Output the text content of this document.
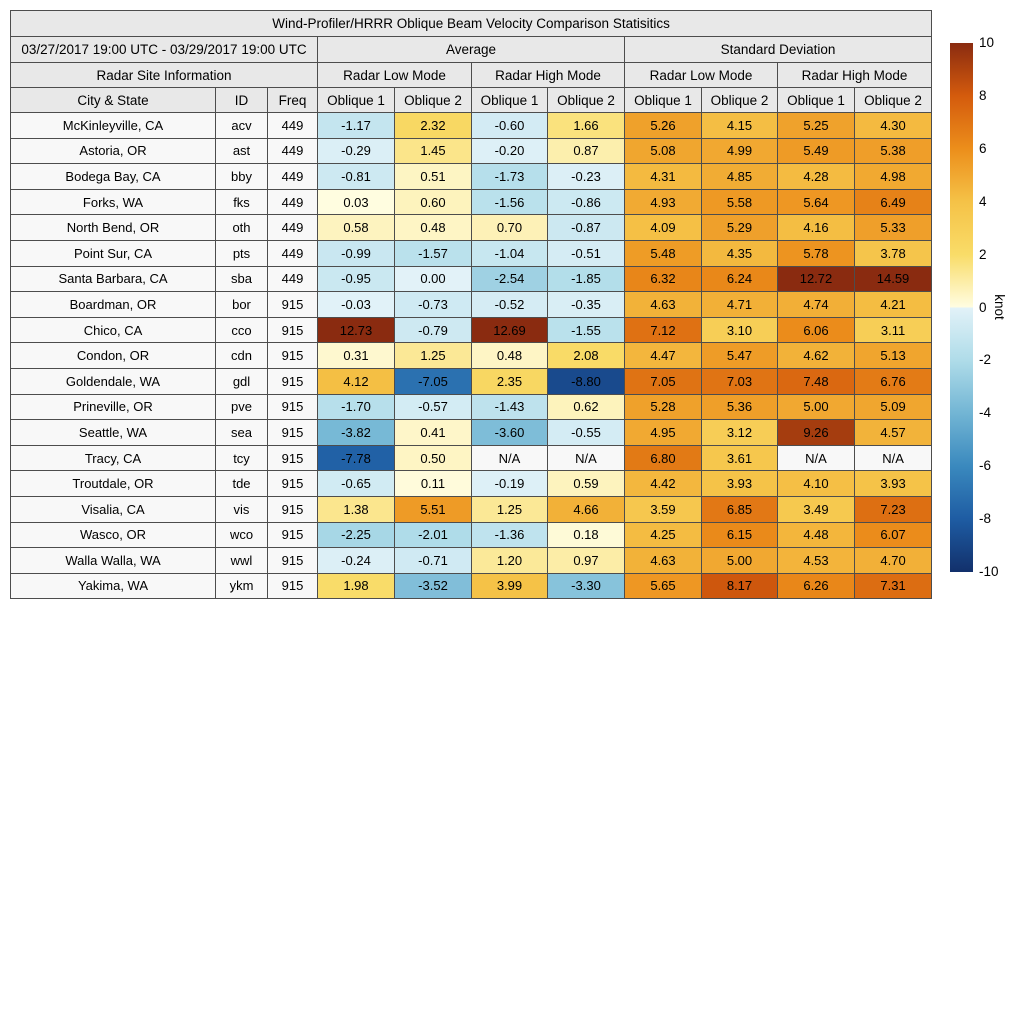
Wind-Profiler/HRRR Oblique Beam Velocity Comparison Statisitics										
03/27/2017 19:00 UTC - 03/29/2017 19:00 UTC			Average				Standard Deviation			
Radar Site Information			Radar Low Mode		Radar High Mode		Radar Low Mode		Radar High Mode	
City & State	ID	Freq	Oblique 1	Oblique 2	Oblique 1	Oblique 2	Oblique 1	Oblique 2	Oblique 1	Oblique 2
McKinleyville, CA	acv	449	-1.17	2.32	-0.60	1.66	5.26	4.15	5.25	4.30
Astoria, OR	ast	449	-0.29	1.45	-0.20	0.87	5.08	4.99	5.49	5.38
Bodega Bay, CA	bby	449	-0.81	0.51	-1.73	-0.23	4.31	4.85	4.28	4.98
Forks, WA	fks	449	0.03	0.60	-1.56	-0.86	4.93	5.58	5.64	6.49
North Bend, OR	oth	449	0.58	0.48	0.70	-0.87	4.09	5.29	4.16	5.33
Point Sur, CA	pts	449	-0.99	-1.57	-1.04	-0.51	5.48	4.35	5.78	3.78
Santa Barbara, CA	sba	449	-0.95	0.00	-2.54	-1.85	6.32	6.24	12.72	14.59
Boardman, OR	bor	915	-0.03	-0.73	-0.52	-0.35	4.63	4.71	4.74	4.21
Chico, CA	cco	915	12.73	-0.79	12.69	-1.55	7.12	3.10	6.06	3.11
Condon, OR	cdn	915	0.31	1.25	0.48	2.08	4.47	5.47	4.62	5.13
Goldendale, WA	gdl	915	4.12	-7.05	2.35	-8.80	7.05	7.03	7.48	6.76
Prineville, OR	pve	915	-1.70	-0.57	-1.43	0.62	5.28	5.36	5.00	5.09
Seattle, WA	sea	915	-3.82	0.41	-3.60	-0.55	4.95	3.12	9.26	4.57
Tracy, CA	tcy	915	-7.78	0.50	N/A	N/A	6.80	3.61	N/A	N/A
Troutdale, OR	tde	915	-0.65	0.11	-0.19	0.59	4.42	3.93	4.10	3.93
Visalia, CA	vis	915	1.38	5.51	1.25	4.66	3.59	6.85	3.49	7.23
Wasco, OR	wco	915	-2.25	-2.01	-1.36	0.18	4.25	6.15	4.48	6.07
Walla Walla, WA	wwl	915	-0.24	-0.71	1.20	0.97	4.63	5.00	4.53	4.70
Yakima, WA	ykm	915	1.98	-3.52	3.99	-3.30	5.65	8.17	6.26	7.31
10
8
6
4
2
0
-2
-4
-6
-8
-10
knot
